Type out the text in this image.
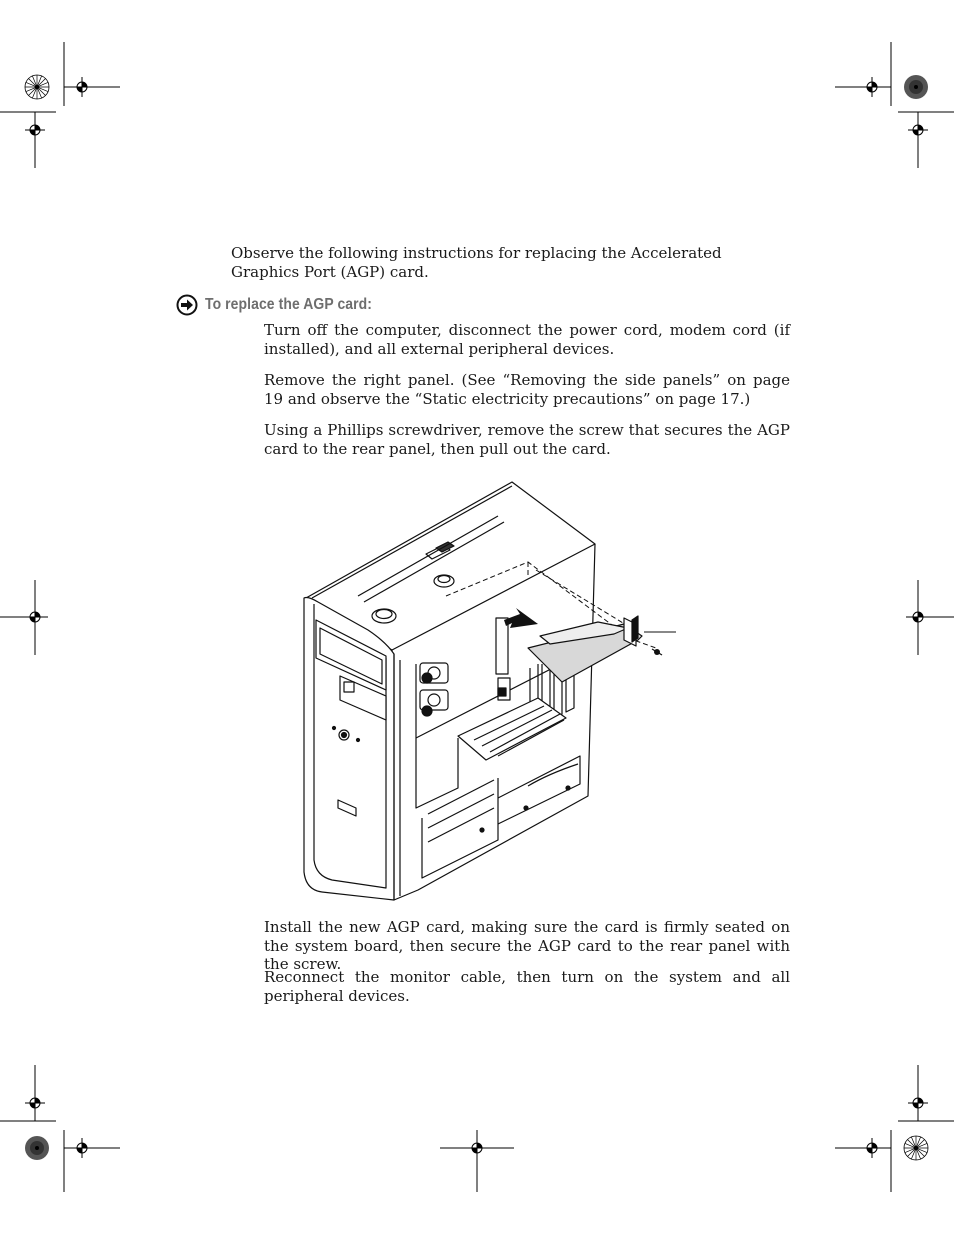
Observe the following instructions for replacing the Accelerated Graphics Port (AGP) card.

To replace the AGP card:

Turn off the computer, disconnect the power cord, modem cord (if installed), and all external peripheral devices.

Remove the right panel. (See “Removing the side panels” on page 19 and observe the “Static electricity precautions” on page 17.)

Using a Phillips screwdriver, remove the screw that secures the AGP card to the rear panel, then pull out the card.

Install the new AGP card, making sure the card is firmly seated on the system board, then secure the AGP card to the rear panel with the screw.

Reconnect the monitor cable, then turn on the system and all peripheral devices.
